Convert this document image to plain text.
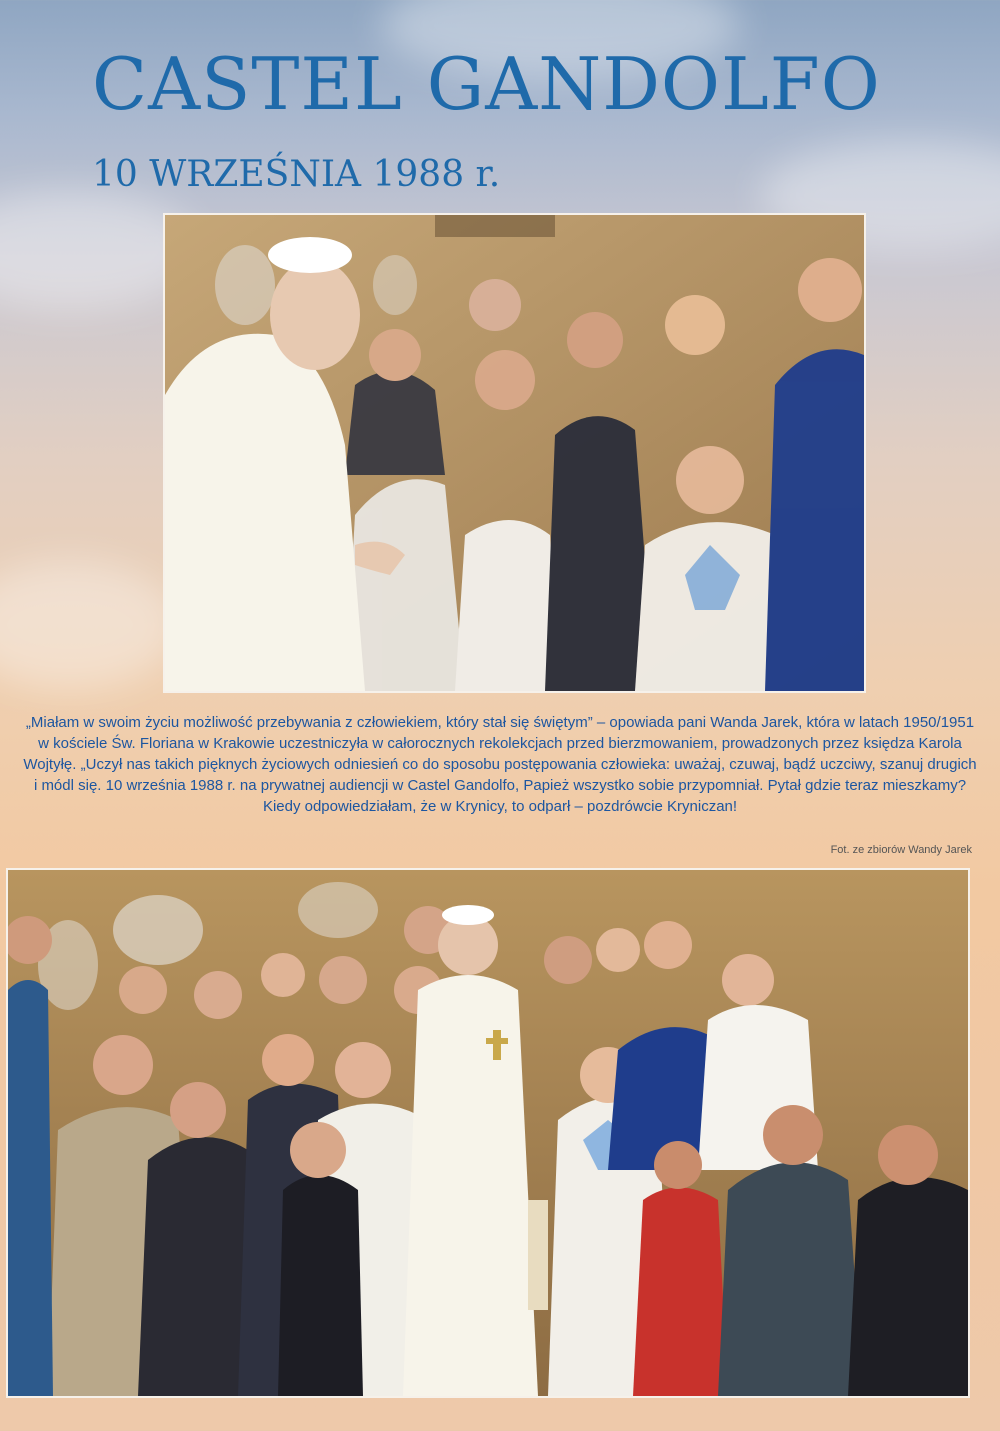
CASTEL GANDOLFO
10 WRZEŚNIA 1988 r.

„Miałam w swoim życiu możliwość przebywania z człowiekiem, który stał się świętym” – opowiada pani Wanda Jarek, która w latach 1950/1951 w kościele Św. Floriana w Krakowie uczestniczyła w całorocznych rekolekcjach przed bierzmowaniem, prowadzonych przez księdza Karola Wojtyłę. „Uczył nas takich pięknych życiowych odniesień co do sposobu postępowania człowieka: uważaj, czuwaj, bądź uczciwy, szanuj drugich i módl się. 10 września 1988 r. na prywatnej audiencji w Castel Gandolfo, Papież wszystko sobie przypomniał. Pytał gdzie teraz mieszkamy? Kiedy odpowiedziałam, że w Krynicy, to odparł – pozdrówcie Kryniczan!

Fot. ze zbiorów Wandy Jarek
